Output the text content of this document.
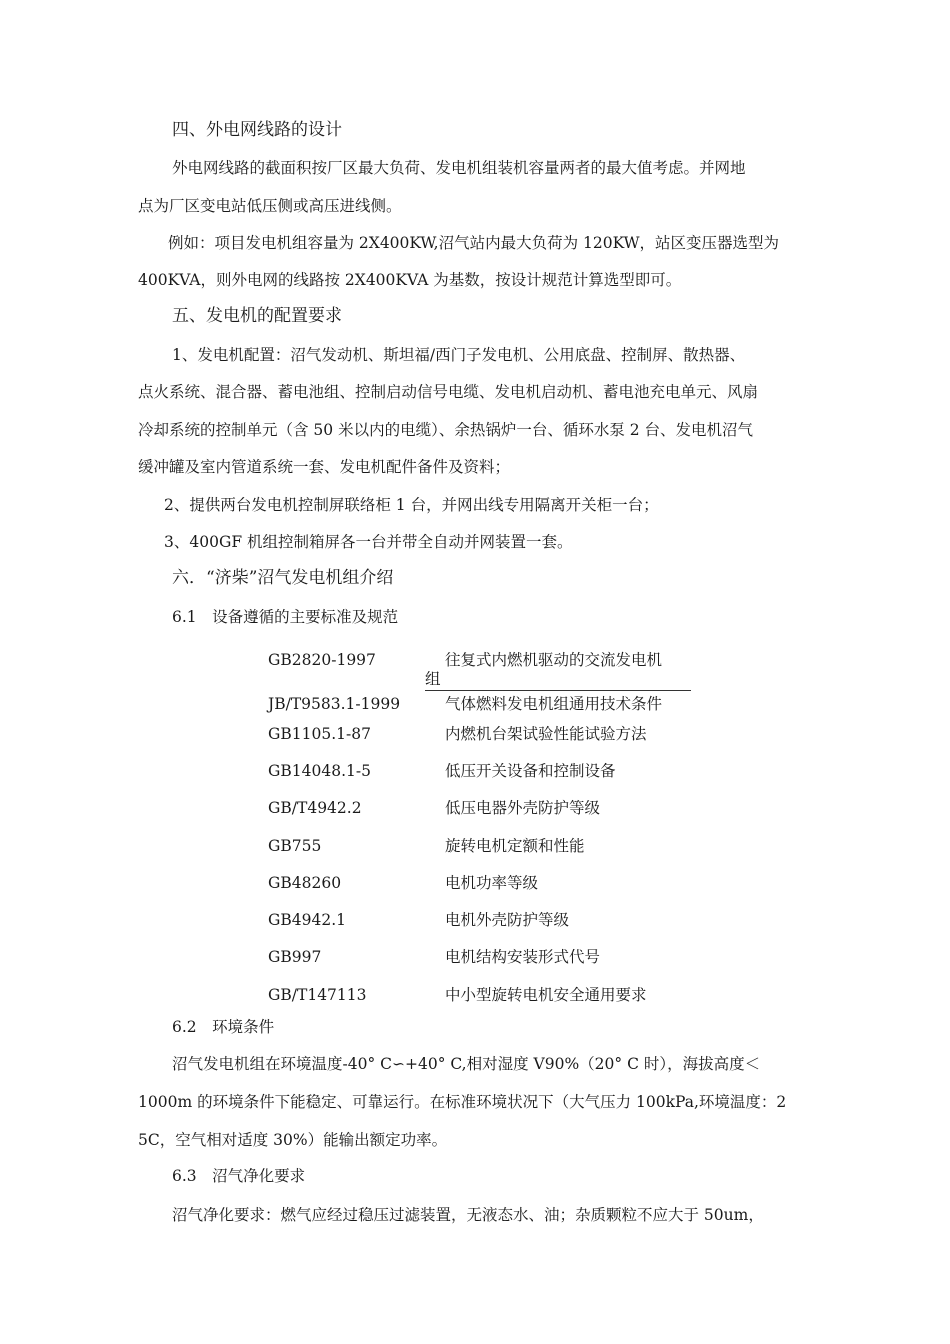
四、外电网线路的设计
外电网线路的截面积按厂区最大负荷、发电机组装机容量两者的最大值考虑。并网地
点为厂区变电站低压侧或高压进线侧。
例如：项目发电机组容量为 2X400KW,沼气站内最大负荷为 120KW，站区变压器选型为
400KVA，则外电网的线路按 2X400KVA 为基数，按设计规范计算选型即可。
五、发电机的配置要求
1、发电机配置：沼气发动机、斯坦福/西门子发电机、公用底盘、控制屏、散热器、
点火系统、混合器、蓄电池组、控制启动信号电缆、发电机启动机、蓄电池充电单元、风扇
冷却系统的控制单元（含 50 米以内的电缆）、余热锅炉一台、循环水泵 2 台、发电机沼气
缓冲罐及室内管道系统一套、发电机配件备件及资料；
2、提供两台发电机控制屏联络柜 1 台，并网出线专用隔离开关柜一台；
3、400GF 机组控制箱屏各一台并带全自动并网装置一套。
六．“济柴”沼气发电机组介绍
6.1　设备遵循的主要标准及规范
GB2820-1997	往复式内燃机驱动的交流发电机
组
JB/T9583.1-1999	气体燃料发电机组通用技术条件
GB1105.1-87	内燃机台架试验性能试验方法
GB14048.1-5	低压开关设备和控制设备
GB/T4942.2	低压电器外壳防护等级
GB755	旋转电机定额和性能
GB48260	电机功率等级
GB4942.1	电机外壳防护等级
GB997	电机结构安装形式代号
GB/T147113	中小型旋转电机安全通用要求
6.2　环境条件
沼气发电机组在环境温度-40° C∽+40° C,相对湿度 V90%（20° C 时），海拔高度＜
1000m 的环境条件下能稳定、可靠运行。在标准环境状况下（大气压力 100kPa,环境温度：2
5C，空气相对适度 30%）能输出额定功率。
6.3　沼气净化要求
沼气净化要求：燃气应经过稳压过滤装置，无液态水、油；杂质颗粒不应大于 50um，
